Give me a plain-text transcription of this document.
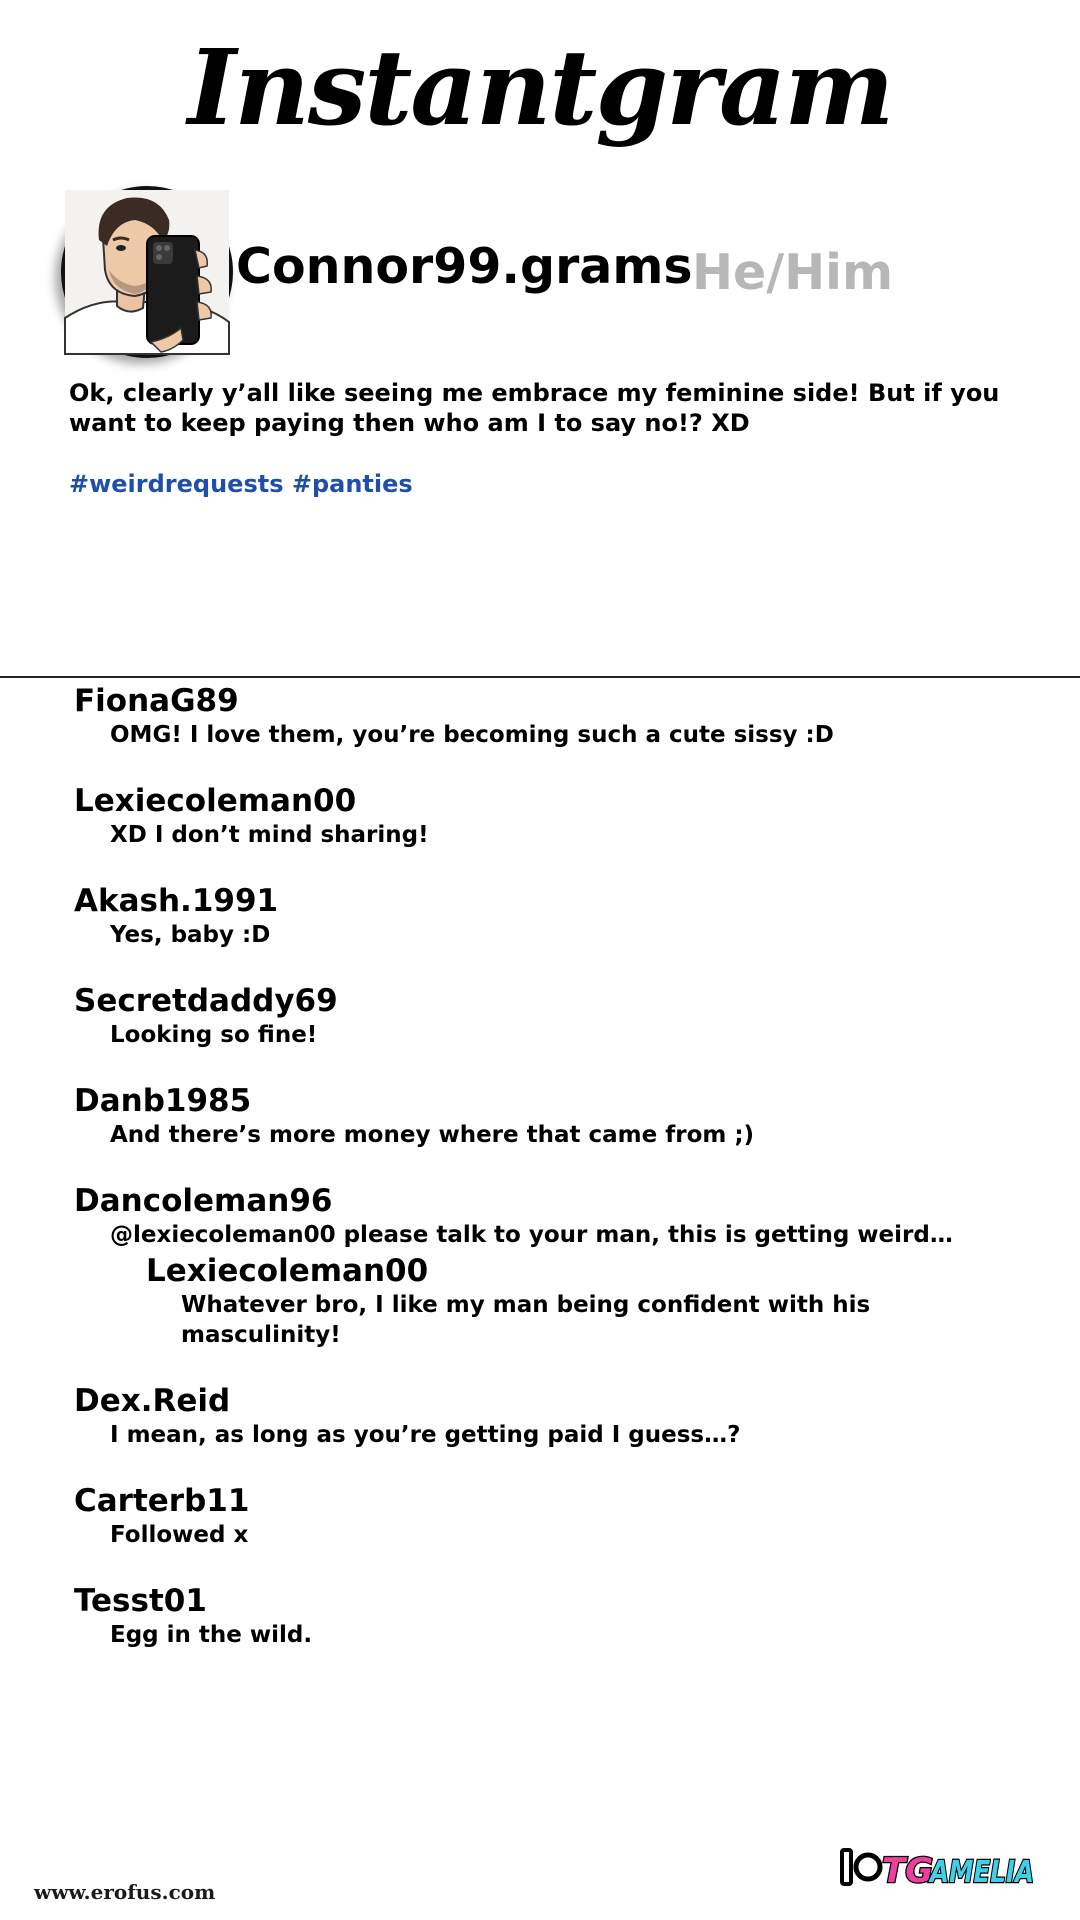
Instantgram
Connor99.grams He/Him
Ok, clearly y’all like seeing me embrace my feminine side! But if you want to keep paying then who am I to say no!? XD
#weirdrequests #panties
FionaG89
OMG! I love them, you’re becoming such a cute sissy :D
Lexiecoleman00
XD I don’t mind sharing!
Akash.1991
Yes, baby :D
Secretdaddy69
Looking so fine!
Danb1985
And there’s more money where that came from ;)
Dancoleman96
@lexiecoleman00 please talk to your man, this is getting weird…
Lexiecoleman00
Whatever bro, I like my man being confident with his masculinity!
Dex.Reid
I mean, as long as you’re getting paid I guess…?
Carterb11
Followed x
Tesst01
Egg in the wild.
TG
AMELIA
www.erofus.com
